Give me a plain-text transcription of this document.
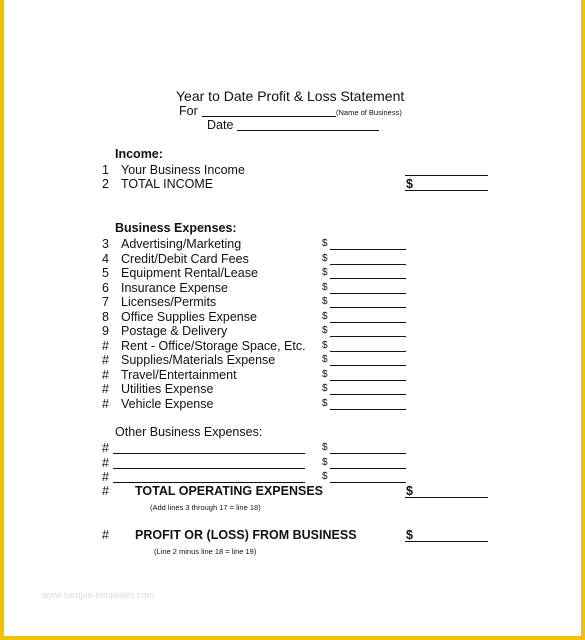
Year to Date Profit & Loss Statement
For	(Name of Business)
Date
Income:
1 Your Business Income
2 TOTAL INCOME	$
Business Expenses:
3 Advertising/Marketing	$
4 Credit/Debit Card Fees	$
5 Equipment Rental/Lease	$
6 Insurance Expense	$
7 Licenses/Permits	$
8 Office Supplies Expense	$
9 Postage & Delivery	$
# Rent - Office/Storage Space, Etc. $
# Supplies/Materials Expense	$
# Travel/Entertainment	$
# Utilities Expense	$
# Vehicle Expense	$
Other Business Expenses:
#	$
#	$
#	$
# TOTAL OPERATING EXPENSES	$
(Add lines 3 through 17 = line 18)
# PROFIT OR (LOSS) FROM BUSINESS	$
(Line 2 minus line 18 = line 19)
www.sample-templates.com
